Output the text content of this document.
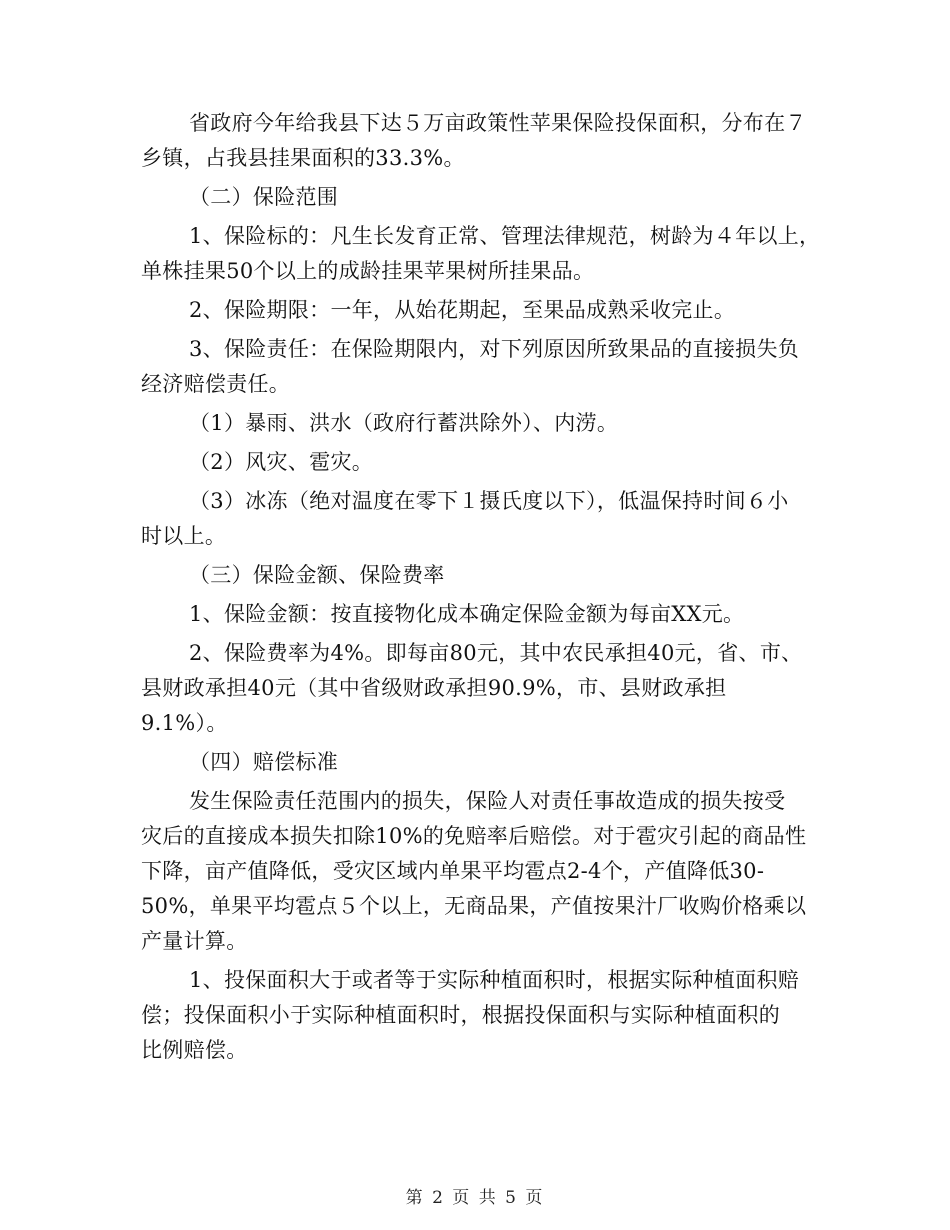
省政府今年给我县下达５万亩政策性苹果保险投保面积，分布在７
乡镇，占我县挂果面积的33.3%。
（二）保险范围
1、保险标的：凡生长发育正常、管理法律规范，树龄为４年以上，
单株挂果50个以上的成龄挂果苹果树所挂果品。
2、保险期限：一年，从始花期起，至果品成熟采收完止。
3、保险责任：在保险期限内，对下列原因所致果品的直接损失负
经济赔偿责任。
（1）暴雨、洪水（政府行蓄洪除外）、内涝。
（2）风灾、雹灾。
（3）冰冻（绝对温度在零下１摄氏度以下），低温保持时间６小
时以上。
（三）保险金额、保险费率
1、保险金额：按直接物化成本确定保险金额为每亩XX元。
2、保险费率为4%。即每亩80元，其中农民承担40元，省、市、
县财政承担40元（其中省级财政承担90.9%，市、县财政承担
9.1%）。
（四）赔偿标准
发生保险责任范围内的损失，保险人对责任事故造成的损失按受
灾后的直接成本损失扣除10%的免赔率后赔偿。对于雹灾引起的商品性
下降，亩产值降低，受灾区域内单果平均雹点2-4个，产值降低30-
50%，单果平均雹点５个以上，无商品果，产值按果汁厂收购价格乘以
产量计算。
1、投保面积大于或者等于实际种植面积时，根据实际种植面积赔
偿；投保面积小于实际种植面积时，根据投保面积与实际种植面积的
比例赔偿。
第 2 页 共 5 页
